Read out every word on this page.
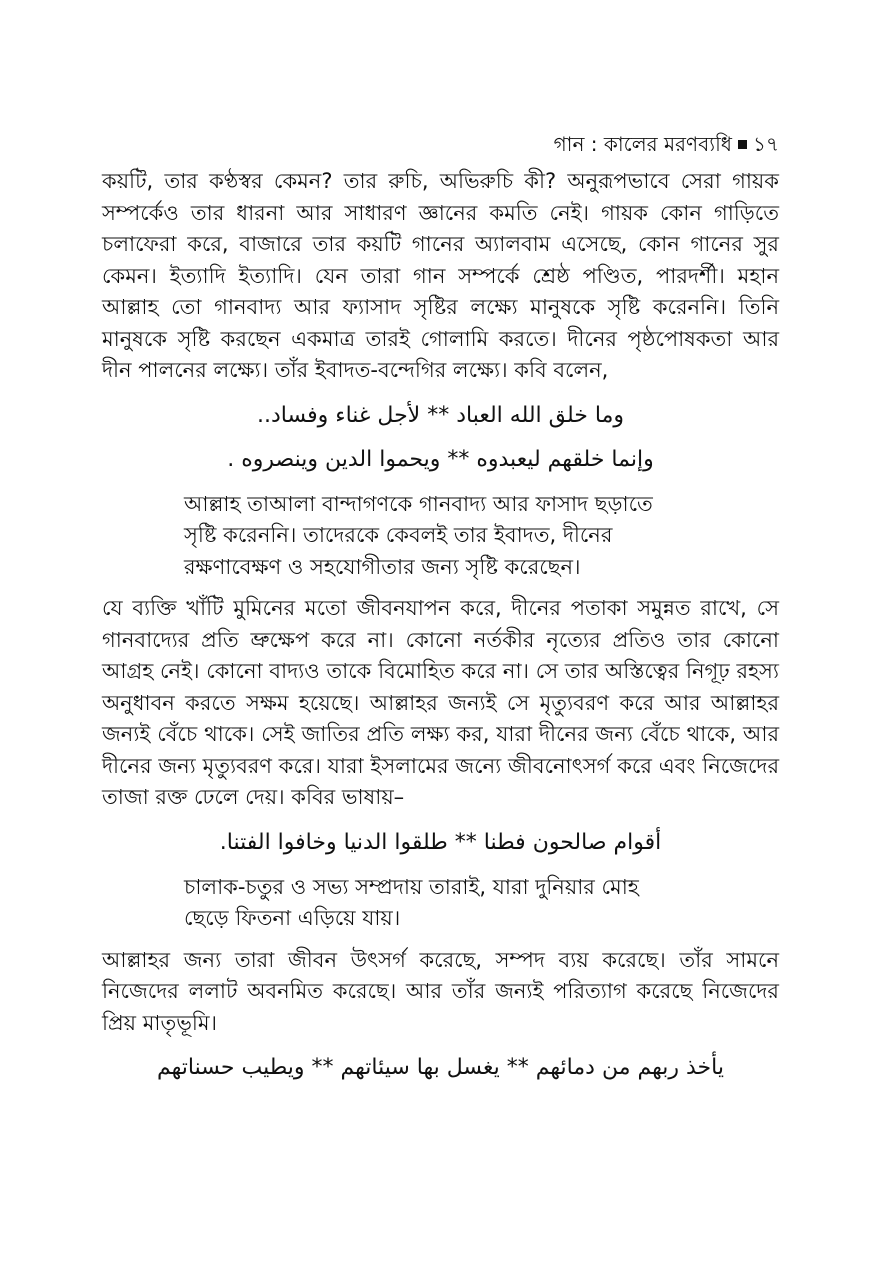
গান : কালের মরণব্যধি ১৭

কয়টি, তার কণ্ঠস্বর কেমন? তার রুচি, অভিরুচি কী? অনুরূপভাবে সেরা গায়ক সম্পর্কেও তার ধারনা আর সাধারণ জ্ঞানের কমতি নেই। গায়ক কোন গাড়িতে চলাফেরা করে, বাজারে তার কয়টি গানের অ্যালবাম এসেছে, কোন গানের সুর কেমন। ইত্যাদি ইত্যাদি। যেন তারা গান সম্পর্কে শ্রেষ্ঠ পণ্ডিত, পারদর্শী। মহান আল্লাহ তো গানবাদ্য আর ফ্যাসাদ সৃষ্টির লক্ষ্যে মানুষকে সৃষ্টি করেননি। তিনি মানুষকে সৃষ্টি করছেন একমাত্র তারই গোলামি করতে। দীনের পৃষ্ঠপোষকতা আর দীন পালনের লক্ষ্যে। তাঁর ইবাদত-বন্দেগির লক্ষ্যে। কবি বলেন,

وما خلق الله العباد ** لأجل غناء وفساد..
وإنما خلقهم ليعبدوه ** ويحموا الدين وينصروه .
আল্লাহ তাআলা বান্দাগণকে গানবাদ্য আর ফাসাদ ছড়াতে
সৃষ্টি করেননি। তাদেরকে কেবলই তার ইবাদত, দীনের
রক্ষণাবেক্ষণ ও সহযোগীতার জন্য সৃষ্টি করেছেন।

যে ব্যক্তি খাঁটি মুমিনের মতো জীবনযাপন করে, দীনের পতাকা সমুন্নত রাখে, সে গানবাদ্যের প্রতি ভ্রুক্ষেপ করে না। কোনো নর্তকীর নৃত্যের প্রতিও তার কোনো আগ্রহ নেই। কোনো বাদ্যও তাকে বিমোহিত করে না। সে তার অস্তিত্বের নিগূঢ় রহস্য অনুধাবন করতে সক্ষম হয়েছে। আল্লাহর জন্যই সে মৃত্যুবরণ করে আর আল্লাহর জন্যই বেঁচে থাকে। সেই জাতির প্রতি লক্ষ্য কর, যারা দীনের জন্য বেঁচে থাকে, আর দীনের জন্য মৃত্যুবরণ করে। যারা ইসলামের জন্যে জীবনোৎসর্গ করে এবং নিজেদের তাজা রক্ত ঢেলে দেয়। কবির ভাষায়–

أقوام صالحون فطنا ** طلقوا الدنيا وخافوا الفتنا.
চালাক-চতুর ও সভ্য সম্প্রদায় তারাই, যারা দুনিয়ার মোহ
ছেড়ে ফিতনা এড়িয়ে যায়।

আল্লাহর জন্য তারা জীবন উৎসর্গ করেছে, সম্পদ ব্যয় করেছে। তাঁর সামনে নিজেদের ললাট অবনমিত করেছে। আর তাঁর জন্যই পরিত্যাগ করেছে নিজেদের প্রিয় মাতৃভূমি।

يأخذ ربهم من دمائهم ** يغسل بها سيئاتهم ** ويطيب حسناتهم
